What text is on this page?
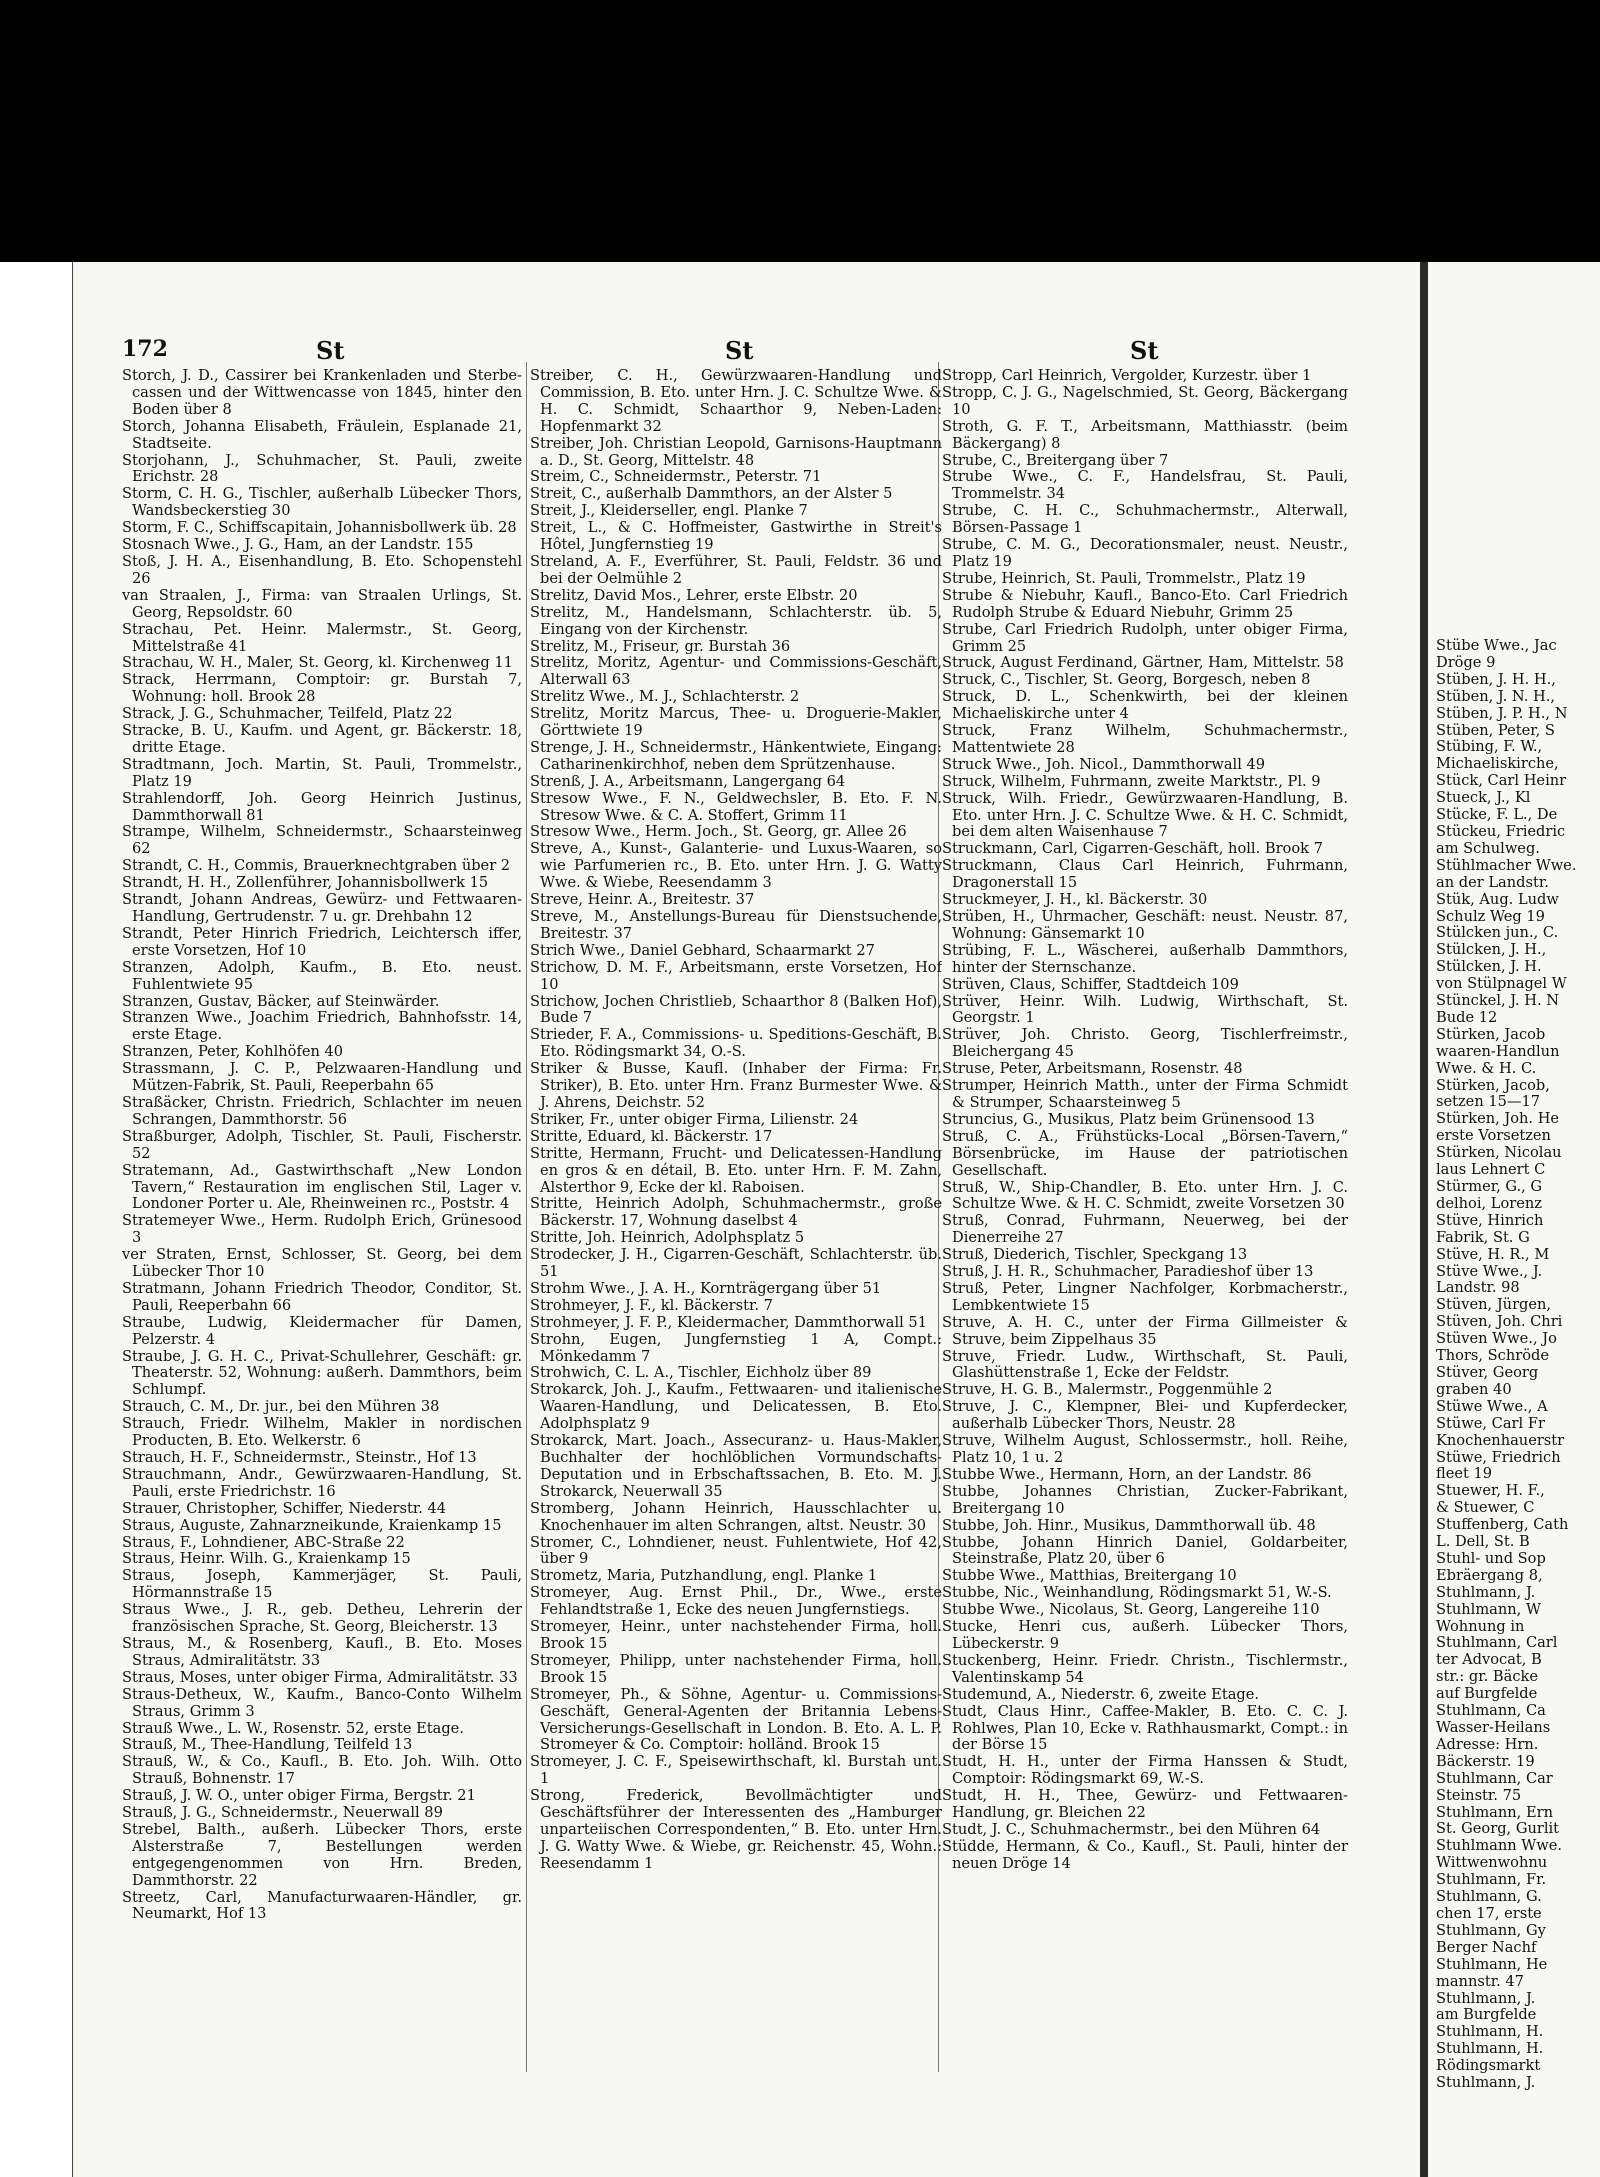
Stübe Wwe., Jac
Dröge 9
Stüben, J. H. H.,
Stüben, J. N. H.,
Stüben, J. P. H., N
Stüben, Peter, S
Stübing, F. W.,
Michaeliskirche,
Stück, Carl Heinr
Stueck, J., Kl
Stücke, F. L., De
Stückeu, Friedric
am Schulweg.
Stühlmacher Wwe.
an der Landstr.
Stük, Aug. Ludw
Schulz Weg 19
Stülcken jun., C.
Stülcken, J. H.,
Stülcken, J. H.
von Stülpnagel W
Stünckel, J. H. N
Bude 12
Stürken, Jacob
waaren-Handlun
Wwe. & H. C.
Stürken, Jacob,
setzen 15—17
Stürken, Joh. He
erste Vorsetzen
Stürken, Nicolau
laus Lehnert C
Stürmer, G., G
delhoi, Lorenz
Stüve, Hinrich
Fabrik, St. G
Stüve, H. R., M
Stüve Wwe., J.
Landstr. 98
Stüven, Jürgen,
Stüven, Joh. Chri
Stüven Wwe., Jo
Thors, Schröde
Stüver, Georg
graben 40
Stüwe Wwe., A
Stüwe, Carl Fr
Knochenhauerstr
Stüwe, Friedrich
fleet 19
Stuewer, H. F.,
& Stuewer, C
Stuffenberg, Cath
L. Dell, St. B
Stuhl- und Sop
Ebräergang 8,
Stuhlmann, J.
Stuhlmann, W
Wohnung in
Stuhlmann, Carl
ter Advocat, B
str.: gr. Bäcke
auf Burgfelde
Stuhlmann, Ca
Wasser-Heilans
Adresse: Hrn.
Bäckerstr. 19
Stuhlmann, Car
Steinstr. 75
Stuhlmann, Ern
St. Georg, Gurlit
Stuhlmann Wwe.
Wittwenwohnu
Stuhlmann, Fr.
Stuhlmann, G.
chen 17, erste
Stuhlmann, Gy
Berger Nachf
Stuhlmann, He
mannstr. 47
Stuhlmann, J.
am Burgfelde
Stuhlmann, H.
Stuhlmann, H.
Rödingsmarkt
Stuhlmann, J.
172	St	St	St
Storch, J. D., Cassirer bei Krankenladen und Sterbe-cassen und der Wittwencasse von 1845, hinter den Boden über 8
Storch, Johanna Elisabeth, Fräulein, Esplanade 21, Stadtseite.
Storjohann, J., Schuhmacher, St. Pauli, zweite Erichstr. 28
Storm, C. H. G., Tischler, außerhalb Lübecker Thors, Wandsbeckerstieg 30
Storm, F. C., Schiffscapitain, Johannisbollwerk üb. 28
Stosnach Wwe., J. G., Ham, an der Landstr. 155
Stoß, J. H. A., Eisenhandlung, B. Eto. Schopenstehl 26
van Straalen, J., Firma: van Straalen Urlings, St. Georg, Repsoldstr. 60
Strachau, Pet. Heinr. Malermstr., St. Georg, Mittelstraße 41
Strachau, W. H., Maler, St. Georg, kl. Kirchenweg 11
Strack, Herrmann, Comptoir: gr. Burstah 7, Wohnung: holl. Brook 28
Strack, J. G., Schuhmacher, Teilfeld, Platz 22
Stracke, B. U., Kaufm. und Agent, gr. Bäckerstr. 18, dritte Etage.
Stradtmann, Joch. Martin, St. Pauli, Trommelstr., Platz 19
Strahlendorff, Joh. Georg Heinrich Justinus, Dammthorwall 81
Strampe, Wilhelm, Schneidermstr., Schaarsteinweg 62
Strandt, C. H., Commis, Brauerknechtgraben über 2
Strandt, H. H., Zollenführer, Johannisbollwerk 15
Strandt, Johann Andreas, Gewürz- und Fettwaaren-Handlung, Gertrudenstr. 7 u. gr. Drehbahn 12
Strandt, Peter Hinrich Friedrich, Leichtersch iffer, erste Vorsetzen, Hof 10
Stranzen, Adolph, Kaufm., B. Eto. neust. Fuhlentwiete 95
Stranzen, Gustav, Bäcker, auf Steinwärder.
Stranzen Wwe., Joachim Friedrich, Bahnhofsstr. 14, erste Etage.
Stranzen, Peter, Kohlhöfen 40
Strassmann, J. C. P., Pelzwaaren-Handlung und Mützen-Fabrik, St. Pauli, Reeperbahn 65
Straßäcker, Christn. Friedrich, Schlachter im neuen Schrangen, Dammthorstr. 56
Straßburger, Adolph, Tischler, St. Pauli, Fischerstr. 52
Stratemann, Ad., Gastwirthschaft „New London Tavern,“ Restauration im englischen Stil, Lager v. Londoner Porter u. Ale, Rheinweinen rc., Poststr. 4
Stratemeyer Wwe., Herm. Rudolph Erich, Grünesood 3
ver Straten, Ernst, Schlosser, St. Georg, bei dem Lübecker Thor 10
Stratmann, Johann Friedrich Theodor, Conditor, St. Pauli, Reeperbahn 66
Straube, Ludwig, Kleidermacher für Damen, Pelzerstr. 4
Straube, J. G. H. C., Privat-Schullehrer, Geschäft: gr. Theaterstr. 52, Wohnung: außerh. Dammthors, beim Schlumpf.
Strauch, C. M., Dr. jur., bei den Mühren 38
Strauch, Friedr. Wilhelm, Makler in nordischen Producten, B. Eto. Welkerstr. 6
Strauch, H. F., Schneidermstr., Steinstr., Hof 13
Strauchmann, Andr., Gewürzwaaren-Handlung, St. Pauli, erste Friedrichstr. 16
Strauer, Christopher, Schiffer, Niederstr. 44
Straus, Auguste, Zahnarzneikunde, Kraienkamp 15
Straus, F., Lohndiener, ABC-Straße 22
Straus, Heinr. Wilh. G., Kraienkamp 15
Straus, Joseph, Kammerjäger, St. Pauli, Hörmannstraße 15
Straus Wwe., J. R., geb. Detheu, Lehrerin der französischen Sprache, St. Georg, Bleicherstr. 13
Straus, M., & Rosenberg, Kaufl., B. Eto. Moses Straus, Admiralitätstr. 33
Straus, Moses, unter obiger Firma, Admiralitätstr. 33
Straus-Detheux, W., Kaufm., Banco-Conto Wilhelm Straus, Grimm 3
Strauß Wwe., L. W., Rosenstr. 52, erste Etage.
Strauß, M., Thee-Handlung, Teilfeld 13
Strauß, W., & Co., Kaufl., B. Eto. Joh. Wilh. Otto Strauß, Bohnenstr. 17
Strauß, J. W. O., unter obiger Firma, Bergstr. 21
Strauß, J. G., Schneidermstr., Neuerwall 89
Strebel, Balth., außerh. Lübecker Thors, erste Alsterstraße 7, Bestellungen werden entgegengenommen von Hrn. Breden, Dammthorstr. 22
Streetz, Carl, Manufacturwaaren-Händler, gr. Neumarkt, Hof 13
Streiber, C. H., Gewürzwaaren-Handlung und Commission, B. Eto. unter Hrn. J. C. Schultze Wwe. & H. C. Schmidt, Schaarthor 9, Neben-Laden: Hopfenmarkt 32
Streiber, Joh. Christian Leopold, Garnisons-Hauptmann a. D., St. Georg, Mittelstr. 48
Streim, C., Schneidermstr., Peterstr. 71
Streit, C., außerhalb Dammthors, an der Alster 5
Streit, J., Kleiderseller, engl. Planke 7
Streit, L., & C. Hoffmeister, Gastwirthe in Streit's Hôtel, Jungfernstieg 19
Streland, A. F., Everführer, St. Pauli, Feldstr. 36 und bei der Oelmühle 2
Strelitz, David Mos., Lehrer, erste Elbstr. 20
Strelitz, M., Handelsmann, Schlachterstr. üb. 5, Eingang von der Kirchenstr.
Strelitz, M., Friseur, gr. Burstah 36
Strelitz, Moritz, Agentur- und Commissions-Geschäft, Alterwall 63
Strelitz Wwe., M. J., Schlachterstr. 2
Strelitz, Moritz Marcus, Thee- u. Droguerie-Makler, Görttwiete 19
Strenge, J. H., Schneidermstr., Hänkentwiete, Eingang: Catharinenkirchhof, neben dem Sprützenhause.
Strenß, J. A., Arbeitsmann, Langergang 64
Stresow Wwe., F. N., Geldwechsler, B. Eto. F. N. Stresow Wwe. & C. A. Stoffert, Grimm 11
Stresow Wwe., Herm. Joch., St. Georg, gr. Allee 26
Streve, A., Kunst-, Galanterie- und Luxus-Waaren, so wie Parfumerien rc., B. Eto. unter Hrn. J. G. Watty Wwe. & Wiebe, Reesendamm 3
Streve, Heinr. A., Breitestr. 37
Streve, M., Anstellungs-Bureau für Dienstsuchende, Breitestr. 37
Strich Wwe., Daniel Gebhard, Schaarmarkt 27
Strichow, D. M. F., Arbeitsmann, erste Vorsetzen, Hof 10
Strichow, Jochen Christlieb, Schaarthor 8 (Balken Hof), Bude 7
Strieder, F. A., Commissions- u. Speditions-Geschäft, B. Eto. Rödingsmarkt 34, O.-S.
Striker & Busse, Kaufl. (Inhaber der Firma: Fr. Striker), B. Eto. unter Hrn. Franz Burmester Wwe. & J. Ahrens, Deichstr. 52
Striker, Fr., unter obiger Firma, Lilienstr. 24
Stritte, Eduard, kl. Bäckerstr. 17
Stritte, Hermann, Frucht- und Delicatessen-Handlung en gros & en détail, B. Eto. unter Hrn. F. M. Zahn, Alsterthor 9, Ecke der kl. Raboisen.
Stritte, Heinrich Adolph, Schuhmachermstr., große Bäckerstr. 17, Wohnung daselbst 4
Stritte, Joh. Heinrich, Adolphsplatz 5
Strodecker, J. H., Cigarren-Geschäft, Schlachterstr. üb. 51
Strohm Wwe., J. A. H., Kornträgergang über 51
Strohmeyer, J. F., kl. Bäckerstr. 7
Strohmeyer, J. F. P., Kleidermacher, Dammthorwall 51
Strohn, Eugen, Jungfernstieg 1 A, Compt.: Mönkedamm 7
Strohwich, C. L. A., Tischler, Eichholz über 89
Strokarck, Joh. J., Kaufm., Fettwaaren- und italienische Waaren-Handlung, und Delicatessen, B. Eto. Adolphsplatz 9
Strokarck, Mart. Joach., Assecuranz- u. Haus-Makler, Buchhalter der hochlöblichen Vormundschafts-Deputation und in Erbschaftssachen, B. Eto. M. J. Strokarck, Neuerwall 35
Stromberg, Johann Heinrich, Hausschlachter u. Knochenhauer im alten Schrangen, altst. Neustr. 30
Stromer, C., Lohndiener, neust. Fuhlentwiete, Hof 42, über 9
Strometz, Maria, Putzhandlung, engl. Planke 1
Stromeyer, Aug. Ernst Phil., Dr., Wwe., erste Fehlandtstraße 1, Ecke des neuen Jungfernstiegs.
Stromeyer, Heinr., unter nachstehender Firma, holl. Brook 15
Stromeyer, Philipp, unter nachstehender Firma, holl. Brook 15
Stromeyer, Ph., & Söhne, Agentur- u. Commissions-Geschäft, General-Agenten der Britannia Lebens-Versicherungs-Gesellschaft in London. B. Eto. A. L. P. Stromeyer & Co. Comptoir: holländ. Brook 15
Stromeyer, J. C. F., Speisewirthschaft, kl. Burstah unt. 1
Strong, Frederick, Bevollmächtigter und Geschäftsführer der Interessenten des „Hamburger unparteiischen Correspondenten,“ B. Eto. unter Hrn. J. G. Watty Wwe. & Wiebe, gr. Reichenstr. 45, Wohn.: Reesendamm 1
Stropp, Carl Heinrich, Vergolder, Kurzestr. über 1
Stropp, C. J. G., Nagelschmied, St. Georg, Bäckergang 10
Stroth, G. F. T., Arbeitsmann, Matthiasstr. (beim Bäckergang) 8
Strube, C., Breitergang über 7
Strube Wwe., C. F., Handelsfrau, St. Pauli, Trommelstr. 34
Strube, C. H. C., Schuhmachermstr., Alterwall, Börsen-Passage 1
Strube, C. M. G., Decorationsmaler, neust. Neustr., Platz 19
Strube, Heinrich, St. Pauli, Trommelstr., Platz 19
Strube & Niebuhr, Kaufl., Banco-Eto. Carl Friedrich Rudolph Strube & Eduard Niebuhr, Grimm 25
Strube, Carl Friedrich Rudolph, unter obiger Firma, Grimm 25
Struck, August Ferdinand, Gärtner, Ham, Mittelstr. 58
Struck, C., Tischler, St. Georg, Borgesch, neben 8
Struck, D. L., Schenkwirth, bei der kleinen Michaeliskirche unter 4
Struck, Franz Wilhelm, Schuhmachermstr., Mattentwiete 28
Struck Wwe., Joh. Nicol., Dammthorwall 49
Struck, Wilhelm, Fuhrmann, zweite Marktstr., Pl. 9
Struck, Wilh. Friedr., Gewürzwaaren-Handlung, B. Eto. unter Hrn. J. C. Schultze Wwe. & H. C. Schmidt, bei dem alten Waisenhause 7
Struckmann, Carl, Cigarren-Geschäft, holl. Brook 7
Struckmann, Claus Carl Heinrich, Fuhrmann, Dragonerstall 15
Struckmeyer, J. H., kl. Bäckerstr. 30
Strüben, H., Uhrmacher, Geschäft: neust. Neustr. 87, Wohnung: Gänsemarkt 10
Strübing, F. L., Wäscherei, außerhalb Dammthors, hinter der Sternschanze.
Strüven, Claus, Schiffer, Stadtdeich 109
Strüver, Heinr. Wilh. Ludwig, Wirthschaft, St. Georgstr. 1
Strüver, Joh. Christo. Georg, Tischlerfreimstr., Bleichergang 45
Struse, Peter, Arbeitsmann, Rosenstr. 48
Strumper, Heinrich Matth., unter der Firma Schmidt & Strumper, Schaarsteinweg 5
Struncius, G., Musikus, Platz beim Grünensood 13
Struß, C. A., Frühstücks-Local „Börsen-Tavern,“ Börsenbrücke, im Hause der patriotischen Gesellschaft.
Struß, W., Ship-Chandler, B. Eto. unter Hrn. J. C. Schultze Wwe. & H. C. Schmidt, zweite Vorsetzen 30
Struß, Conrad, Fuhrmann, Neuerweg, bei der Dienerreihe 27
Struß, Diederich, Tischler, Speckgang 13
Struß, J. H. R., Schuhmacher, Paradieshof über 13
Struß, Peter, Lingner Nachfolger, Korbmacherstr., Lembkentwiete 15
Struve, A. H. C., unter der Firma Gillmeister & Struve, beim Zippelhaus 35
Struve, Friedr. Ludw., Wirthschaft, St. Pauli, Glashüttenstraße 1, Ecke der Feldstr.
Struve, H. G. B., Malermstr., Poggenmühle 2
Struve, J. C., Klempner, Blei- und Kupferdecker, außerhalb Lübecker Thors, Neustr. 28
Struve, Wilhelm August, Schlossermstr., holl. Reihe, Platz 10, 1 u. 2
Stubbe Wwe., Hermann, Horn, an der Landstr. 86
Stubbe, Johannes Christian, Zucker-Fabrikant, Breitergang 10
Stubbe, Joh. Hinr., Musikus, Dammthorwall üb. 48
Stubbe, Johann Hinrich Daniel, Goldarbeiter, Steinstraße, Platz 20, über 6
Stubbe Wwe., Matthias, Breitergang 10
Stubbe, Nic., Weinhandlung, Rödingsmarkt 51, W.-S.
Stubbe Wwe., Nicolaus, St. Georg, Langereihe 110
Stucke, Henri cus, außerh. Lübecker Thors, Lübeckerstr. 9
Stuckenberg, Heinr. Friedr. Christn., Tischlermstr., Valentinskamp 54
Studemund, A., Niederstr. 6, zweite Etage.
Studt, Claus Hinr., Caffee-Makler, B. Eto. C. C. J. Rohlwes, Plan 10, Ecke v. Rathhausmarkt, Compt.: in der Börse 15
Studt, H. H., unter der Firma Hanssen & Studt, Comptoir: Rödingsmarkt 69, W.-S.
Studt, H. H., Thee, Gewürz- und Fettwaaren-Handlung, gr. Bleichen 22
Studt, J. C., Schuhmachermstr., bei den Mühren 64
Stüdde, Hermann, & Co., Kaufl., St. Pauli, hinter der neuen Dröge 14
